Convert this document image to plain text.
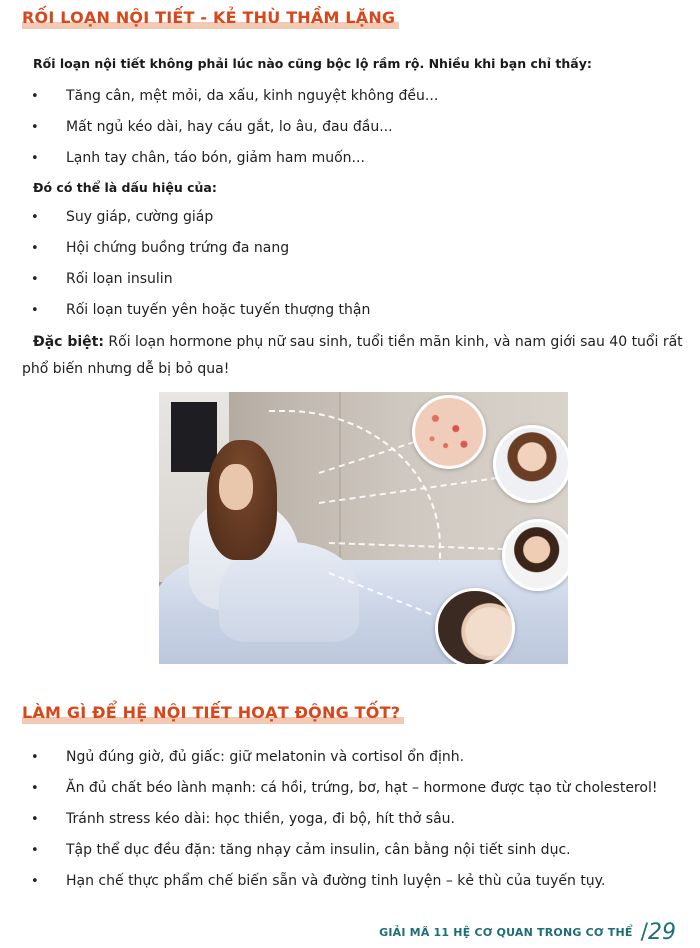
RỐI LOẠN NỘI TIẾT - KẺ THÙ THẦM LẶNG

Rối loạn nội tiết không phải lúc nào cũng bộc lộ rầm rộ. Nhiều khi bạn chỉ thấy:

• Tăng cân, mệt mỏi, da xấu, kinh nguyệt không đều...
• Mất ngủ kéo dài, hay cáu gắt, lo âu, đau đầu...
• Lạnh tay chân, táo bón, giảm ham muốn...

Đó có thể là dấu hiệu của:

• Suy giáp, cường giáp
• Hội chứng buồng trứng đa nang
• Rối loạn insulin
• Rối loạn tuyến yên hoặc tuyến thượng thận

Đặc biệt: Rối loạn hormone phụ nữ sau sinh, tuổi tiền mãn kinh, và nam giới sau 40 tuổi rất phổ biến nhưng dễ bị bỏ qua!

LÀM GÌ ĐỂ HỆ NỘI TIẾT HOẠT ĐỘNG TỐT?
• Ngủ đúng giờ, đủ giấc: giữ melatonin và cortisol ổn định.
• Ăn đủ chất béo lành mạnh: cá hồi, trứng, bơ, hạt – hormone được tạo từ cholesterol!
• Tránh stress kéo dài: học thiền, yoga, đi bộ, hít thở sâu.
• Tập thể dục đều đặn: tăng nhạy cảm insulin, cân bằng nội tiết sinh dục.
• Hạn chế thực phẩm chế biến sẵn và đường tinh luyện – kẻ thù của tuyến tụy.
GIẢI MÃ 11 HỆ CƠ QUAN TRONG CƠ THỂ /29
